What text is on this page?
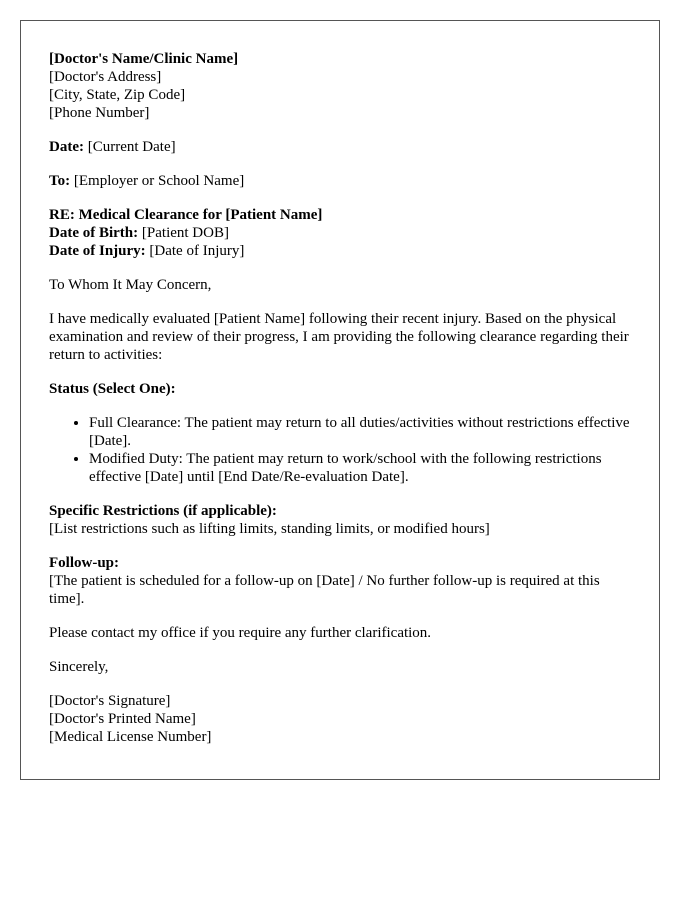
[Doctor's Name/Clinic Name]
[Doctor's Address]
[City, State, Zip Code]
[Phone Number]
Date: [Current Date]
To: [Employer or School Name]
RE: Medical Clearance for [Patient Name]
Date of Birth: [Patient DOB]
Date of Injury: [Date of Injury]

To Whom It May Concern,

I have medically evaluated [Patient Name] following their recent injury. Based on the physical examination and review of their progress, I am providing the following clearance regarding their return to activities:

Status (Select One):

• Full Clearance: The patient may return to all duties/activities without restrictions effective [Date].
• Modified Duty: The patient may return to work/school with the following restrictions effective [Date] until [End Date/Re-evaluation Date].
Specific Restrictions (if applicable):
[List restrictions such as lifting limits, standing limits, or modified hours]
Follow-up:
[The patient is scheduled for a follow-up on [Date] / No further follow-up is required at this time].

Please contact my office if you require any further clarification.

Sincerely,

[Doctor's Signature]
[Doctor's Printed Name]
[Medical License Number]
